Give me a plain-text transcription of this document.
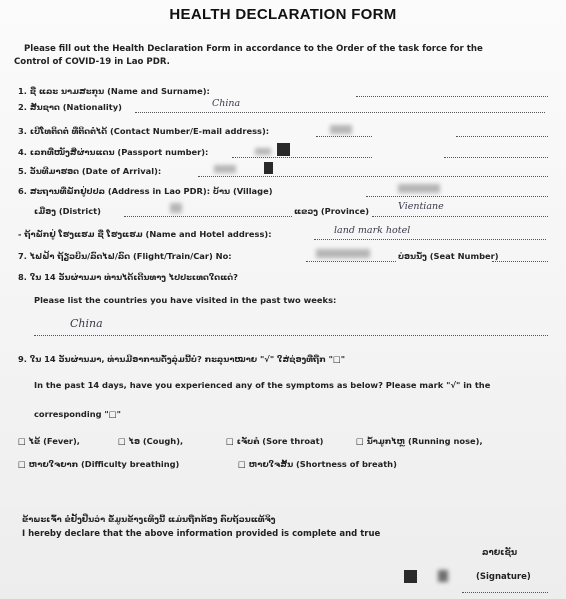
HEALTH DECLARATION FORM
Please fill out the Health Declaration Form in accordance to the Order of the task force for the
Control of COVID-19 in Lao PDR.
1. ຊື່ ແລະ ນາມສະກຸນ (Name and Surname):
2. ສັນຊາດ (Nationality)	China
3. ເບີໂທຕິດຕໍ່ ທີ່ຕິດຕໍ່ໄດ້ (Contact Number/E-mail address):
4. ເລກທີ່ໜັງສືຜ່ານແດນ (Passport number):
5. ວັນທີມາຮອດ (Date of Arrival):
6. ສະຖານທີ່ພັກຢູ່ປປລ (Address in Lao PDR): ບ້ານ (Village)
ເມືອງ (District)	ແຂວງ (Province)	Vientiane
- ຖ້າພັກຢູ່ ໂຮງແຮມ ຊື່ ໂຮງແຮມ (Name and Hotel address):	land mark hotel
7. ໄຟຟ້າ ຖ້ຽວບິນ/ລົດໄຟ/ລົດ (Flight/Train/Car) No:	ບ່ອນນັ່ງ (Seat Number)
8. ໃນ 14 ວັນຜ່ານມາ ທ່ານໄດ້ເດີນທາງ ໄປປະເທດໃດແດ່?
Please list the countries you have visited in the past two weeks:
China
9. ໃນ 14 ວັນຜ່ານມາ, ທ່ານມີອາການດັ່ງລຸ່ມນີ້ບໍ? ກະລຸນາໝາຍ "√" ໃສ່ຊ່ອງທີ່ຖືກ "□"
In the past 14 days, have you experienced any of the symptoms as below? Please mark "√" in the
corresponding "□"
□ ໄຂ້ (Fever),	□ ໄອ (Cough),	□ ເຈັບຄໍ (Sore throat)	□ ນ້ຳມູກໄຫຼ (Running nose),
□ ຫາຍໃຈຍາກ (Difficulty breathing)	□ ຫາຍໃຈສັ້ນ (Shortness of breath)
ຂ້າພະເຈົ້າ ຂໍຢັ້ງຢືນວ່າ ຂໍ້ມູນຂ້າງເທິງນີ້ ແມ່ນຖືກຕ້ອງ ຄົບຖ້ວນແທ້ຈິງ
I hereby declare that the above information provided is complete and true
ລາຍເຊັນ
(Signature)
